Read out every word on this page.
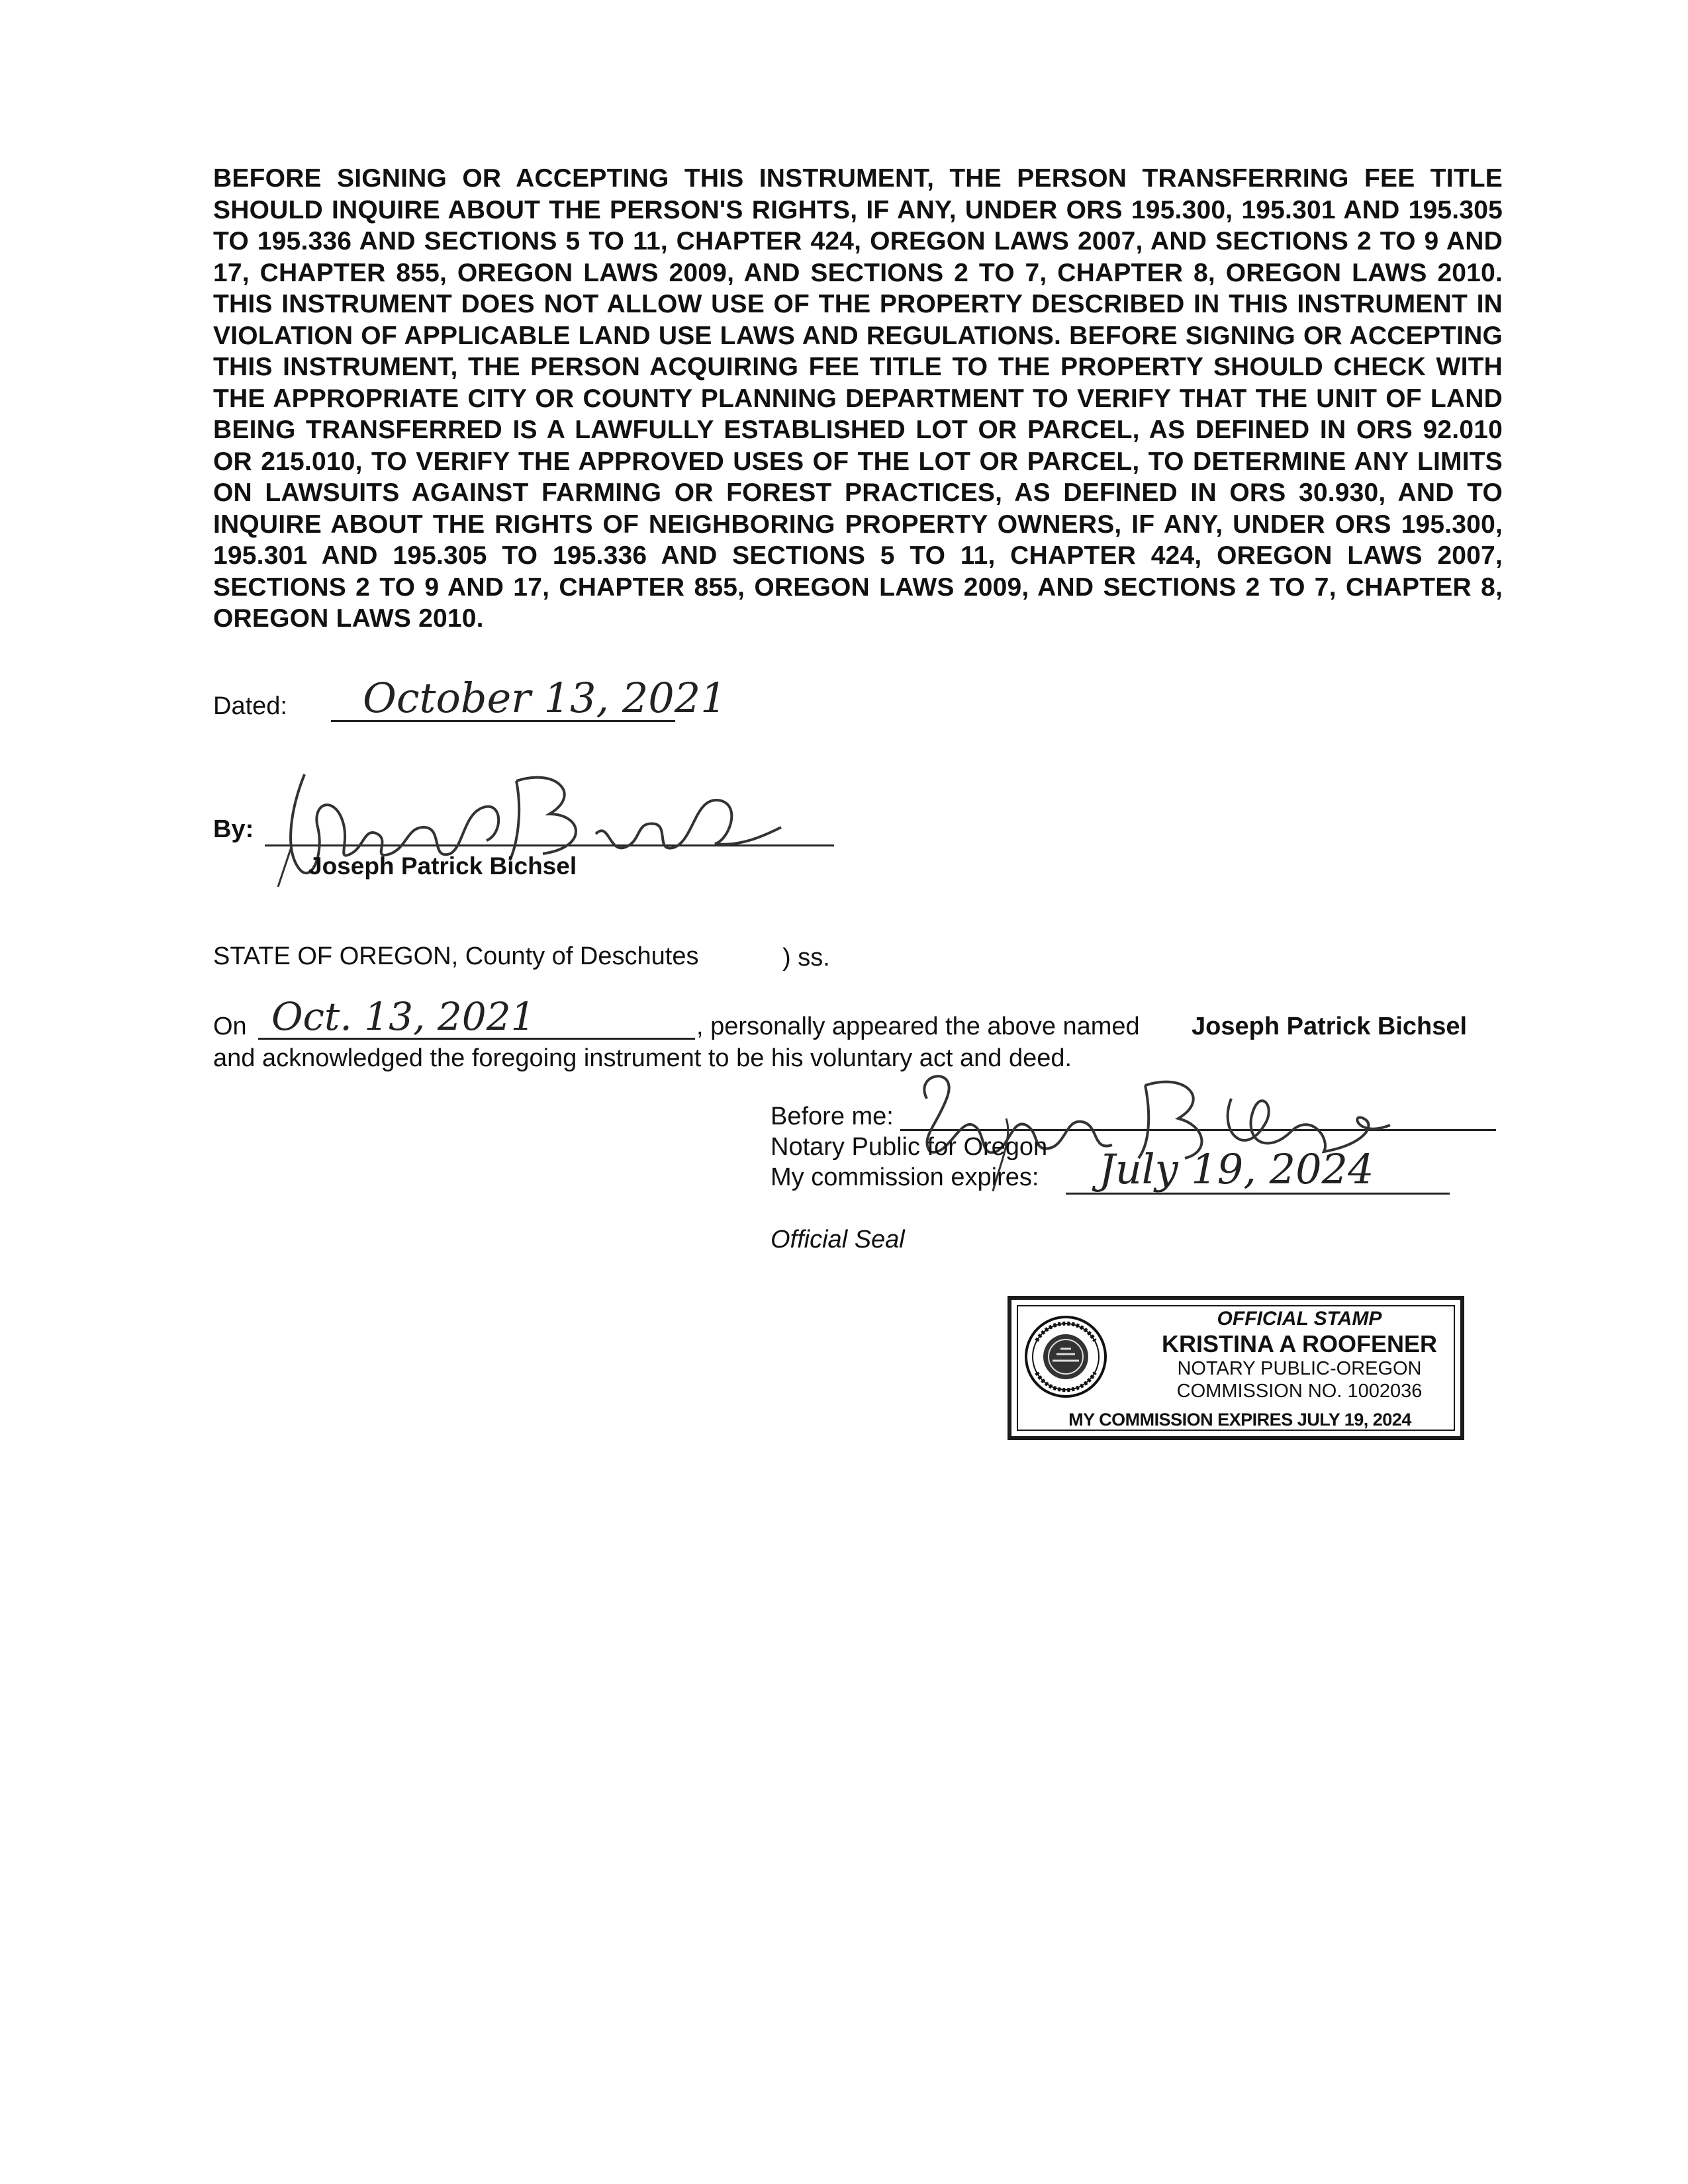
BEFORE SIGNING OR ACCEPTING THIS INSTRUMENT, THE PERSON TRANSFERRING FEE TITLE SHOULD INQUIRE ABOUT THE PERSON'S RIGHTS, IF ANY, UNDER ORS 195.300, 195.301 AND 195.305 TO 195.336 AND SECTIONS 5 TO 11, CHAPTER 424, OREGON LAWS 2007, AND SECTIONS 2 TO 9 AND 17, CHAPTER 855, OREGON LAWS 2009, AND SECTIONS 2 TO 7, CHAPTER 8, OREGON LAWS 2010. THIS INSTRUMENT DOES NOT ALLOW USE OF THE PROPERTY DESCRIBED IN THIS INSTRUMENT IN VIOLATION OF APPLICABLE LAND USE LAWS AND REGULATIONS. BEFORE SIGNING OR ACCEPTING THIS INSTRUMENT, THE PERSON ACQUIRING FEE TITLE TO THE PROPERTY SHOULD CHECK WITH THE APPROPRIATE CITY OR COUNTY PLANNING DEPARTMENT TO VERIFY THAT THE UNIT OF LAND BEING TRANSFERRED IS A LAWFULLY ESTABLISHED LOT OR PARCEL, AS DEFINED IN ORS 92.010 OR 215.010, TO VERIFY THE APPROVED USES OF THE LOT OR PARCEL, TO DETERMINE ANY LIMITS ON LAWSUITS AGAINST FARMING OR FOREST PRACTICES, AS DEFINED IN ORS 30.930, AND TO INQUIRE ABOUT THE RIGHTS OF NEIGHBORING PROPERTY OWNERS, IF ANY, UNDER ORS 195.300, 195.301 AND 195.305 TO 195.336 AND SECTIONS 5 TO 11, CHAPTER 424, OREGON LAWS 2007, SECTIONS 2 TO 9 AND 17, CHAPTER 855, OREGON LAWS 2009, AND SECTIONS 2 TO 7, CHAPTER 8, OREGON LAWS 2010.

Dated: October 13, 2021
By:
Joseph Patrick Bichsel
STATE OF OREGON, County of Deschutes	) ss.
On Oct. 13, 2021	, personally appeared the above named Joseph Patrick Bichsel
and acknowledged the foregoing instrument to be his voluntary act and deed.
Before me:
Notary Public for Oregon
My commission expires: July 19, 2024
Official Seal
OFFICIAL STAMP
KRISTINA A ROOFENER
NOTARY PUBLIC-OREGON
COMMISSION NO. 1002036
MY COMMISSION EXPIRES JULY 19, 2024
